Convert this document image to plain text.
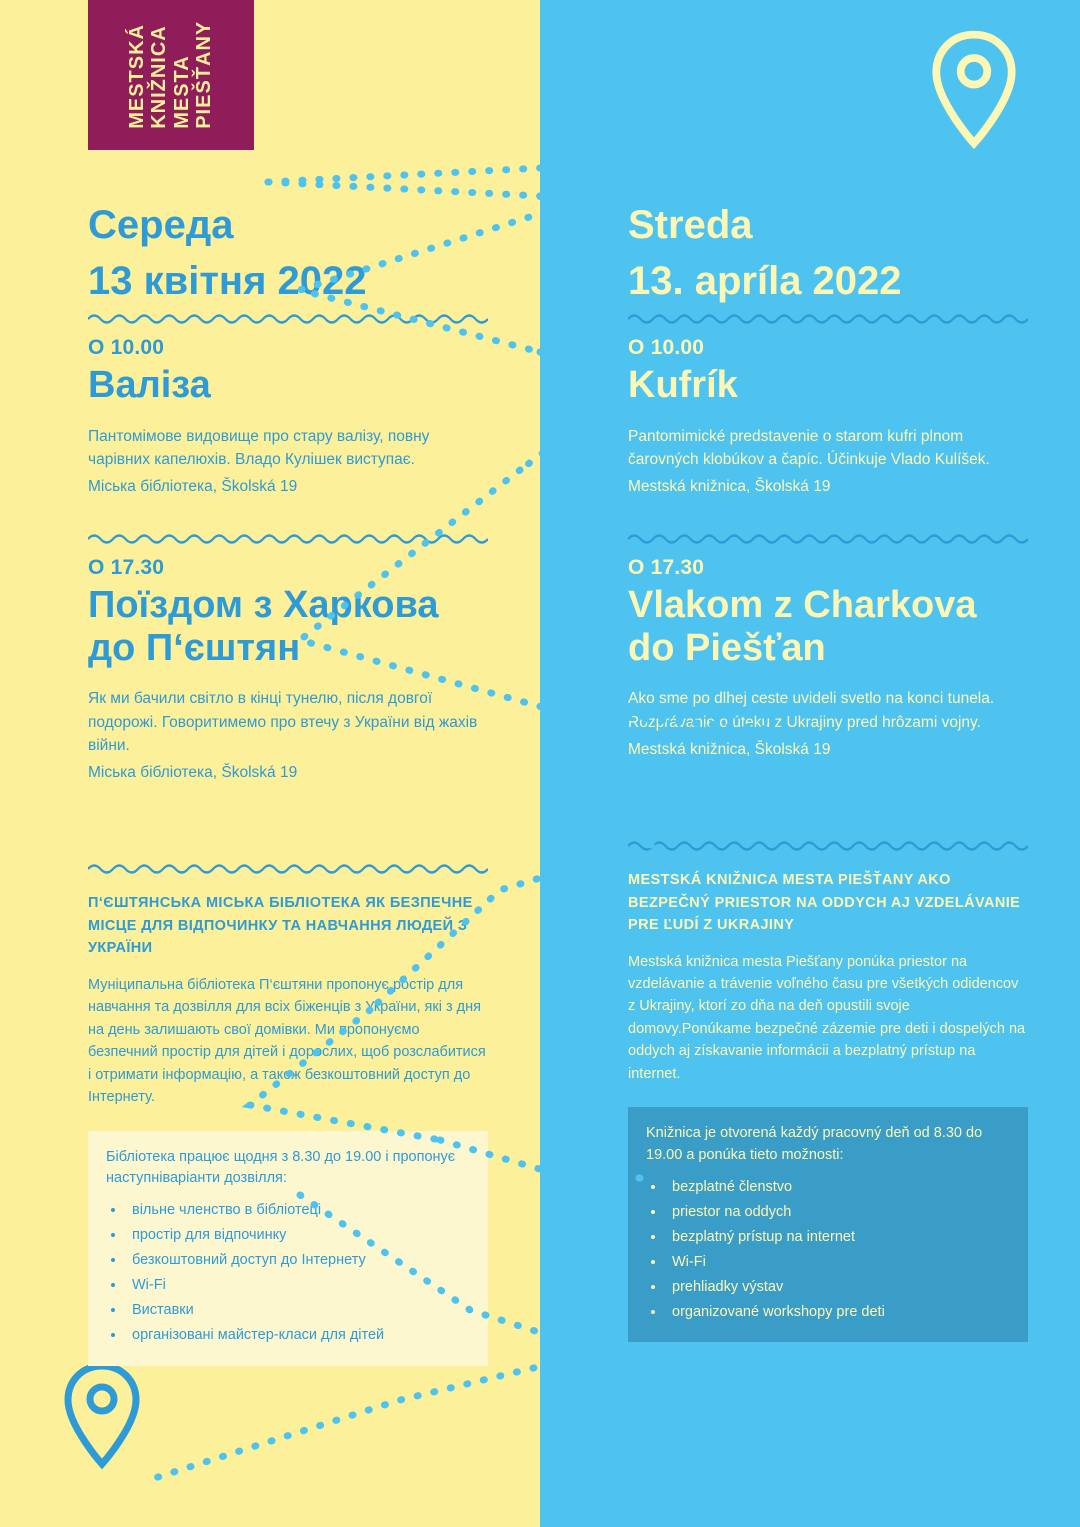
MESTSKÁ KNIŽNICA MESTA PIEŠŤANY
Середа
13 квітня 2022
O 10.00
Валіза

Пантомімове видовище про стару валізу, повну чарівних капелюхів. Владо Кулішек виступає.

Міська бібліотека, Školská 19

O 17.30
Поїздом з Харкова до П‘єштян

Як ми бачили світло в кінці тунелю, після довгої подорожі. Говоритимемо про втечу з України від жахів війни.

Міська бібліотека, Školská 19

П‘ЄШТЯНСЬКА МІСЬКА БІБЛІОТЕКА ЯК БЕЗПЕЧНЕ МІСЦЕ ДЛЯ ВІДПОЧИНКУ ТА НАВЧАННЯ ЛЮДЕЙ З УКРАЇНИ

Муніципальна бібліотека П‘єштяни пропонує ростір для навчання та дозвілля для всіх біженців з України, які з дня на день залишають свої домівки. Ми пропонуємо безпечний простір для дітей і дорослих, щоб розслабитися і отримати інформацію, а також безкоштовний доступ до Інтернету.

Бібліотека працює щодня з 8.30 до 19.00 і пропонує наступніваріанти дозвілля:

• вільне членство в бібліотеці
• простір для відпочинку
• безкоштовний доступ до Інтернету
• Wi-Fi
• Виставки
• організовані майстер-класи для дітей
Streda
13. apríla 2022
O 10.00
Kufrík

Pantomimické predstavenie o starom kufri plnom čarovných klobúkov a čapíc. Účinkuje Vlado Kulíšek.

Mestská knižnica, Školská 19

O 17.30
Vlakom z Charkova do Piešťan

Ako sme po dlhej ceste uvideli svetlo na konci tunela. Rozprávanie o úteku z Ukrajiny pred hrôzami vojny.

Mestská knižnica, Školská 19

MESTSKÁ KNIŽNICA MESTA PIEŠŤANY AKO BEZPEČNÝ PRIESTOR NA ODDYCH AJ VZDELÁVANIE PRE ĽUDÍ Z UKRAJINY

Mestská knižnica mesta Piešťany ponúka priestor na vzdelávanie a trávenie voľného času pre všetkých odidencov z Ukrajiny, ktorí zo dňa na deň opustili svoje domovy.Ponúkame bezpečné zázemie pre deti i dospelých na oddych aj získavanie informácii a bezplatný prístup na internet.

Knižnica je otvorená každý pracovný deň od 8.30 do 19.00 a ponúka tieto možnosti:

• bezplatné členstvo
• priestor na oddych
• bezplatný prístup na internet
• Wi-Fi
• prehliadky výstav
• organizované workshopy pre deti
